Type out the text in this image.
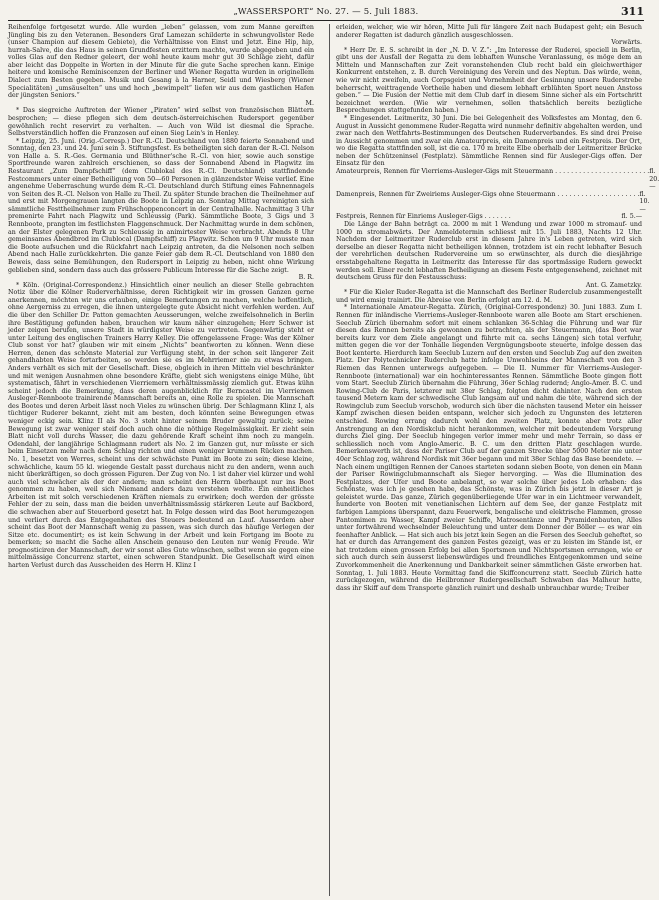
„WASSERSPORT“ No. 27. — 5. Juli 1883.	311

Reihenfolge fortgesetzt wurde. Alle wurden „leben“ gelassen, vom zum Manne gereiften Jüngling bis zu den Veteranen. Besonders Graf Lamezan schilderte in schwungvollster Rede (unser Champion auf diesem Gebiete), die Verhältnisse von Einst und Jetzt. Eine Hip, hip, hurrah-Salve, die das Haus in seinen Grundfesten erzittern machte, wurde abgegeben und ein volles Glas auf den Redner geleert, der wohl heute kaum mehr gut 30 Schläge zieht, dafür aber leicht das Doppelte in Worten in der Minute für die gute Sache sprechen kann. Einige heitere und komische Reminiscenzen der Berliner und Wiener Regatta wurden in originellem Dialect zum Besten gegeben. Musik und Gesang à la Harner, Seidl und Wiesberg (Wiener Specialitäten) „umsäuselten“ uns und hoch „bewimpelt“ liefen wir aus dem gastlichen Hafen der jüngsten Seniors.“

M.

* Das siegreiche Auftreten der Wiener „Piraten“ wird selbst von französischen Blättern besprochen; — diese pflegen sich dem deutsch-österreichischen Rudersport gegenüber gewöhnlich recht reservirt zu verhalten. — Auch von Wild ist diesmal die Sprache. Selbstverständlich hoffen die Franzosen auf einen Sieg Lein's in Henley.

* Leipzig, 25. Juni. (Orig.-Corresp.) Der R.-Cl. Deutschland von 1880 feierte Sonnabend und Sonntag, den 23. und 24. Juni sein 3. Stiftungsfest. Es betheiligten sich daran der R.-Cl. Nelson von Halle a. S. R.-Ges. Germania und Blüthner'sche R.-Cl. von hier, sowie auch sonstige Sportfreunde waren zahlreich erschienen, so dass der Sonnabend Abend in Plagwitz im Restaurant „Zum Dampfschiff“ (dem Clublokal des R.-Cl. Deutschland) stattfindende Festcommers unter einer Betheiligung von 50—60 Personen in glänzendster Weise verlief. Eine angenehme Ueberraschung wurde dem R.-Cl. Deutschland durch Stiftung eines Fahnennagels von Seiten des R.-Cl. Nelson von Halle zu Theil. Zu später Stunde brachen die Theilnehmer auf und erst mit Morgengrauen langten die Boote in Leipzig an. Sonntag Mittag vereinigten sich sämmtliche Festtheilnehmer zum Frühschoppenconcert in der Centralhalle. Nachmittag 3 Uhr premenirte Fahrt nach Plagwitz und Schleussig (Park). Sämmtliche Boote, 3 Gigs und 3 Rennboote, prangten im festlichsten Flaggenschmuck. Der Nachmittag wurde in dem schönen, an der Elster gelegenen Park zu Schleussig in animirtester Weise verbracht. Abends 8 Uhr gemeinsames Abendbrod im Clublocal (Dampfschiff) zu Plagwitz. Schon um 9 Uhr musste man die Boote aufsuchen und die Rückfahrt nach Leipzig antreten, da die Nelsonen noch selben Abend nach Halle zurückkehrten. Die ganze Feier gab dem R.-Cl. Deutschland von 1880 den Beweis, dass seine Bemühungen, den Rudersport in Leipzig zu heben, nicht ohne Wirkung geblieben sind, sondern dass auch das grössere Publicum Interesse für die Sache zeigt.

B. R.

* Köln. (Original-Correspondenz.) Hinsichtlich einer neulich an dieser Stelle gebrachten Notiz über die Kölner Ruderverhältnisse, deren Richtigkeit wir im grossen Ganzen gerne anerkennen, möchten wir uns erlauben, einige Bemerkungen zu machen, welche hoffentlich, ohne Aergerniss zu erregen, die ihnen untergelegte gute Absicht nicht verfehlen werden. Auf die über den Schiller Dr. Patton gemachten Aeusserungen, welche zweifelsohnelich in Berlin ihre Bestätigung gefunden haben, brauchen wir kaum näher einzugehen; Herr Schwer ist jeder zeigen berufen, unsere Stadt in würdigster Weise zu vertreten. Gegenwärtig steht er unter Leitung des englischen Trainers Harry Kelley. Die offengelassene Frage: Was der Kölner Club sonst vor hat? glauben wir mit einem „Nichts“ beantworten zu können. Wenn diese Herren, denen das schönste Material zur Verfügung steht, in der schon seit längerer Zeit gehandhabten Weise fortarbeiten, so werden sie es im Mehrriemer nie zu etwas bringen. Anders verhält es sich mit der Gesellschaft. Diese, obgleich in ihren Mitteln viel beschränkter und mit wenigen Ausnahmen ohne besondere Kräfte, giebt sich wenigstens einige Mühe, übt systematisch, fährt in verschiedenen Vierriemern verhältnissmässig ziemlich gut. Etwas kühn scheint jedoch die Bemerkung, dass deren augenblicklich für Berncastel im Vierriemen Ausleger-Rennboote trainirende Mannschaft bereits an, eine Rolle zu spielen. Die Mannschaft des Bootes und deren Arbeit lässt noch Vieles zu wünschen übrig. Der Schlagmann Klinz I, als tüchtiger Ruderer bekannt, zieht mit am besten, doch könnten seine Bewegungen etwas weniger eckig sein. Klinz II als No. 3 steht hinter seinem Bruder gewaltig zurück; seine Bewegung ist zwar weniger steif doch auch ohne die nöthige Regelmässigkeit. Er zieht sein Blatt nicht voll durchs Wasser, die dazu gehörende Kraft scheint ihm noch zu mangeln. Odendahl, der langjährige Schlagmann rudert als No. 2 im Ganzen gut, nur müsste er sich beim Einsetzen mehr nach dem Schlag richten und einen weniger krummen Rücken machen. No. 1, besetzt von Werres, scheint uns der schwächste Punkt im Boote zu sein; diese kleine, schwächliche, kaum 55 kl. wiegende Gestalt passt durchaus nicht zu den andern, wenn auch nicht überkräftigen, so doch grossen Figuren. Der Zug von No. 1 ist daher viel kürzer und wohl auch viel schwächer als der der andern; man scheint den Herrn überhaupt nur ins Boot genommen zu haben, weil sich Niemand anders dazu verstehen wollte. Ein einheitliches Arbeiten ist mit solch verschiedenen Kräften niemals zu erwirken; doch werden der grösste Fehler der zu sein, dass man die beiden unverhältnissmässig stärkeren Leute auf Backbord, die schwachen aber auf Steuerbord gesetzt hat. In Folge dessen wird das Boot herumgezogen und verliert durch das Entgegenhalten des Steuers bedeutend an Lauf. Ausserdem aber scheint das Boot der Mannschaft wenig zu passen, was sich durch das häufige Verlegen der Sitze etc. documentirt; es ist kein Schwung in der Arbeit und kein Fortgang im Boote zu bemerken; so macht die Sache allen Anschein genauso den Leuten nur wenig Freude. Wir prognosticiren der Mannschaft, der wir sonst alles Gute wünschen, selbst wenn sie gegen eine mittelmässige Concurrenz startet, einen schweren Standpunkt. Die Gesellschaft wird einen harten Verlust durch das Ausscheiden des Herrn H. Klinz I

erleiden, welcher, wie wir hören, Mitte Juli für längere Zeit nach Budapest geht; ein Besuch anderer Regatten ist dadurch gänzlich ausgeschlossen.

Vorwärts.

* Herr Dr. E. S. schreibt in der „N. D. V. Z.“: „Im Interesse der Ruderei, speciell in Berlin, gibt uns der Ausfall der Regatta zu dem lebhaften Wunsche Veranlassung, es möge dem an Mitteln und Mannschaften zur Zeit voranstehenden Club recht bald ein gleichwerthiger Konkurrent entstehen, z. B. durch Vereinigung des Verein und des Neptun. Das würde, wenn, wie wir nicht zweifeln, auch Corpsgeist und Vornehmheit der Gesinnung unsere Ruderstrebe beherrscht, weittragende Vortheile haben und diesem lebhaft erblühten Sport neuen Anstoss geben.“ — Die Fusion der Nettie mit dem Club darf in diesem Sinne sicher als ein Fortschritt bezeichnet werden. (Wie wir vernehmen, sollen thatsächlich bereits bezügliche Besprechungen stattgefunden haben.)

* Eingesendet. Leitmeritz, 30 Juni. Die bei Gelegenheit des Volksfestes am Montag, den 6. August in Aussicht genommene Ruder-Regatta wird nunmehr definitiv abgehalten werden, und zwar nach den Wettfahrts-Bestimmungen des Deutschen Ruderverbandes. Es sind drei Preise in Aussicht genommen und zwar ein Amateurpreis, ein Damenpreis und ein Festpreis. Der Ort, wo die Regatta stattfinden soll, ist die ca. 170 m breite Elbe oberhalb der Leitmeritzer Brücke neben der Schützeninsel (Festplatz). Sämmtliche Rennen sind für Ausleger-Gigs offen. Der Einsatz für den

Amateurpreis, Rennen für Vierriems-Ausleger-Gigs mit Steuermann . . . . . . . . . . . . . . . . . . . . . . . . fl. 20.—
Damenpreis, Rennen für Zweiriems Ausleger-Gigs ohne Steuermann . . . . . . . . . . . . . . . . . . . . . fl. 10.—
Festpreis, Rennen für Einriems Ausleger-Gigs . . . . . . .	fl. 5.—

Die Länge der Bahn beträgt ca. 2000 m mit 1 Wendung und zwar 1000 m stromauf- und 1000 m stromabwärts. Der Anmeldetermin schliesst mit 15. Juli 1883, Nachts 12 Uhr. Nachdem der Leitmeritzer Ruderclub erst in diesem Jahre in's Leben getreten, wird sich derselbe an dieser Regatta nicht betheiligen können, trotzdem ist ein recht lebhafter Besuch der verehrlichen deutschen Rudervereine um so erwünschter, als durch die diesjährige ersstabgehaltene Regatta in Leitmeritz das Interesse für das sportmässige Rudern geweckt werden soll. Einer recht lebhaften Betheiligung an diesem Feste entgegensehend, zeichnet mit deutschem Gruss für den Festausschuss:

Ant. G. Zametzky.

* Für die Kieler Ruder-Regatta ist die Mannschaft des Berliner Ruderclub zusammengestellt und wird emsig trainirt. Die Abreise von Berlin erfolgt am 12. d. M.

* Internationale Amateur-Regatta. Zürich, (Original-Correspondenz) 30. Juni 1883. Zum I. Rennen für inländische Vierriems-Ausleger-Rennboote waren alle Boote am Start erschienen. Seeclub Zürich übernahm sofort mit einem schlanken 36-Schlag die Führung und war für diesen das Rennen bereits als gewonnen zu betrachten, als der Steuermann, (das Boot war bereits kurz vor dem Ziele angelangt und führte mit ca. sechs Längen) sich total verfuhr, mitten gegen die vor der Tonhalle liegenden Vergnügungsboote steuerte, infolge dessen das Boot kenterte. Hierdurch kam Seeclub Luzern auf den ersten und Seeclub Zug auf den zweiten Platz. Der Polytechnicker Ruderclub hatte infolge Unwohlseins der Mannschaft von den 3 Riemen das Rennen unterwegs aufgegeben. — Die II. Nummer für Vierriems-Ausleger-Rennboote (international) war ein hochinteressantes Rennen. Sämmtliche Boote gingen flott vom Start. Seeclub Zürich übernahm die Führung, 36er Schlag rudernd; Anglo-Amer. B. C. und Rowing-Club de Paris, letzterer mit 38er Schlag, folgten dicht dahinter. Nach den ersten tausend Metern kam der schwedische Club langsam auf und nahm die tête, während sich der Rowingclub zum Seeclub vorschob, wodurch sich über die nächsten tausend Meter ein heisser Kampf zwischen diesen beiden entspann, welcher sich jedoch zu Ungunsten des letzteren entschied. Rowing errang dadurch wohl den zweiten Platz, konnte aber trotz aller Anstrengung an den Nordiskclub nicht herankommen, welcher mit bedeutendem Vorsprung durchs Ziel ging. Der Seeclub hingegen verlor immer mehr und mehr Terrain, so dass er schliesslich noch vom Anglo-Americ. B. C. um den dritten Platz geschlagen wurde. Bemerkenswerth ist, dass der Pariser Club auf der ganzen Strecke über 5000 Meter nie unter 40er Schlag zog, während Nordisk mit 36er begann und mit 38er Schlag das Base beendete. — Nach einem ungiltigen Rennen der Canoes starteten sodann sieben Boote, von denen ein Mann der Pariser Rowingclubmannschaft als Sieger hervorging. — Was die Illumination des Festplatzes, der Ufer und Boote anbelangt, so war solche über jedes Lob erhaben: das Schönste, was ich je gesehen habe, das Schönste, was in Zürich bis jetzt in dieser Art je geleistet wurde. Das ganze, Zürich gegenüberliegende Ufer war in ein Lichtmeer verwandelt, hunderte von Booten mit venetianischen Lichtern auf dem See, der ganze Festplatz mit farbigen Lampions überspannt, dazu Feuerwerk, bengalische und elektrische Flammen, grosse Pantomimen zu Wasser, Kampf zweier Schiffe, Matrosentänze und Pyramidenbauten, Alles unter fortwährend wechselnder Beleuchtung und unter dem Donner der Böller — es war ein feenhafter Anblick. — Hat sich auch bis jetzt kein Segen an die Fersen des Seeclub geheftet, so hat er durch das Arrangement des ganzen Festes gezeigt, was er zu leisten im Stande ist, er hat trotzdem einen grossen Erfolg bei allen Sportsmen und Nichtsportsmen errungen, wie er sich auch durch sein äusserst liebenswürdiges und freundliches Entgegenkommen und seine Zuvorkommenheit die Anerkennung und Dankbarkeit seiner sämmtlichen Gäste erworben hat. Sonntag, 1. Juli 1883. Heute Vormittag fand die Skiffconcurrenz statt. Seeclub Zürich hatte zurückgezogen, während die Heilbronner Rudergesellschaft Schwaben das Malheur hatte, dass ihr Skiff auf dem Transporte gänzlich ruinirt und deshalb unbrauchbar wurde; Treiber
